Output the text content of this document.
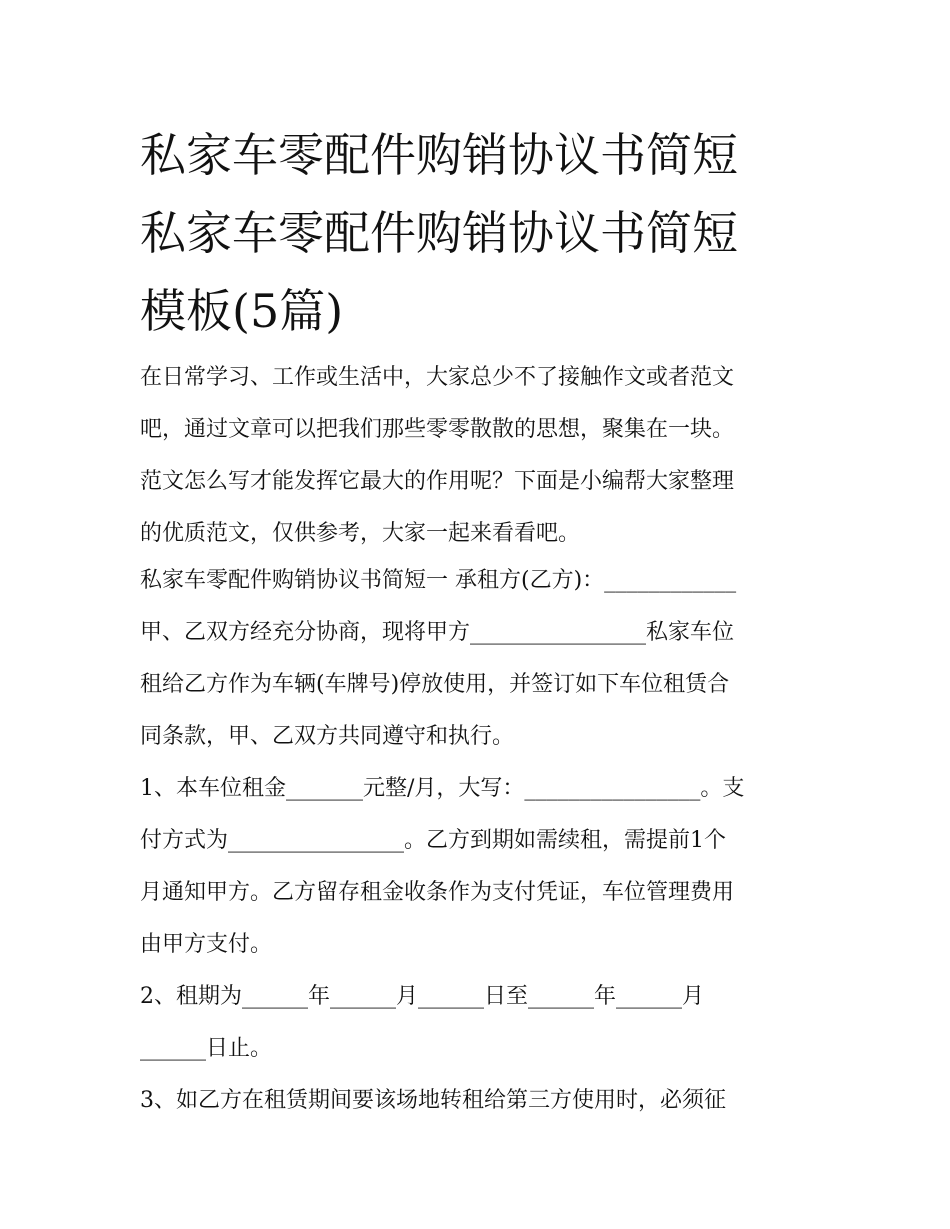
私家车零配件购销协议书简短
私家车零配件购销协议书简短
模板(5篇)
在日常学习、工作或生活中，大家总少不了接触作文或者范文
吧，通过文章可以把我们那些零零散散的思想，聚集在一块。
范文怎么写才能发挥它最大的作用呢？下面是小编帮大家整理
的优质范文，仅供参考，大家一起来看看吧。
私家车零配件购销协议书简短一 承租方(乙方)：____________
甲、乙双方经充分协商，现将甲方________________私家车位
租给乙方作为车辆(车牌号)停放使用，并签订如下车位租赁合
同条款，甲、乙双方共同遵守和执行。
1、本车位租金_______元整/月，大写：________________。支
付方式为________________。乙方到期如需续租，需提前1个
月通知甲方。乙方留存租金收条作为支付凭证，车位管理费用
由甲方支付。
2、租期为______年______月______日至______年______月
______日止。
3、如乙方在租赁期间要该场地转租给第三方使用时，必须征
